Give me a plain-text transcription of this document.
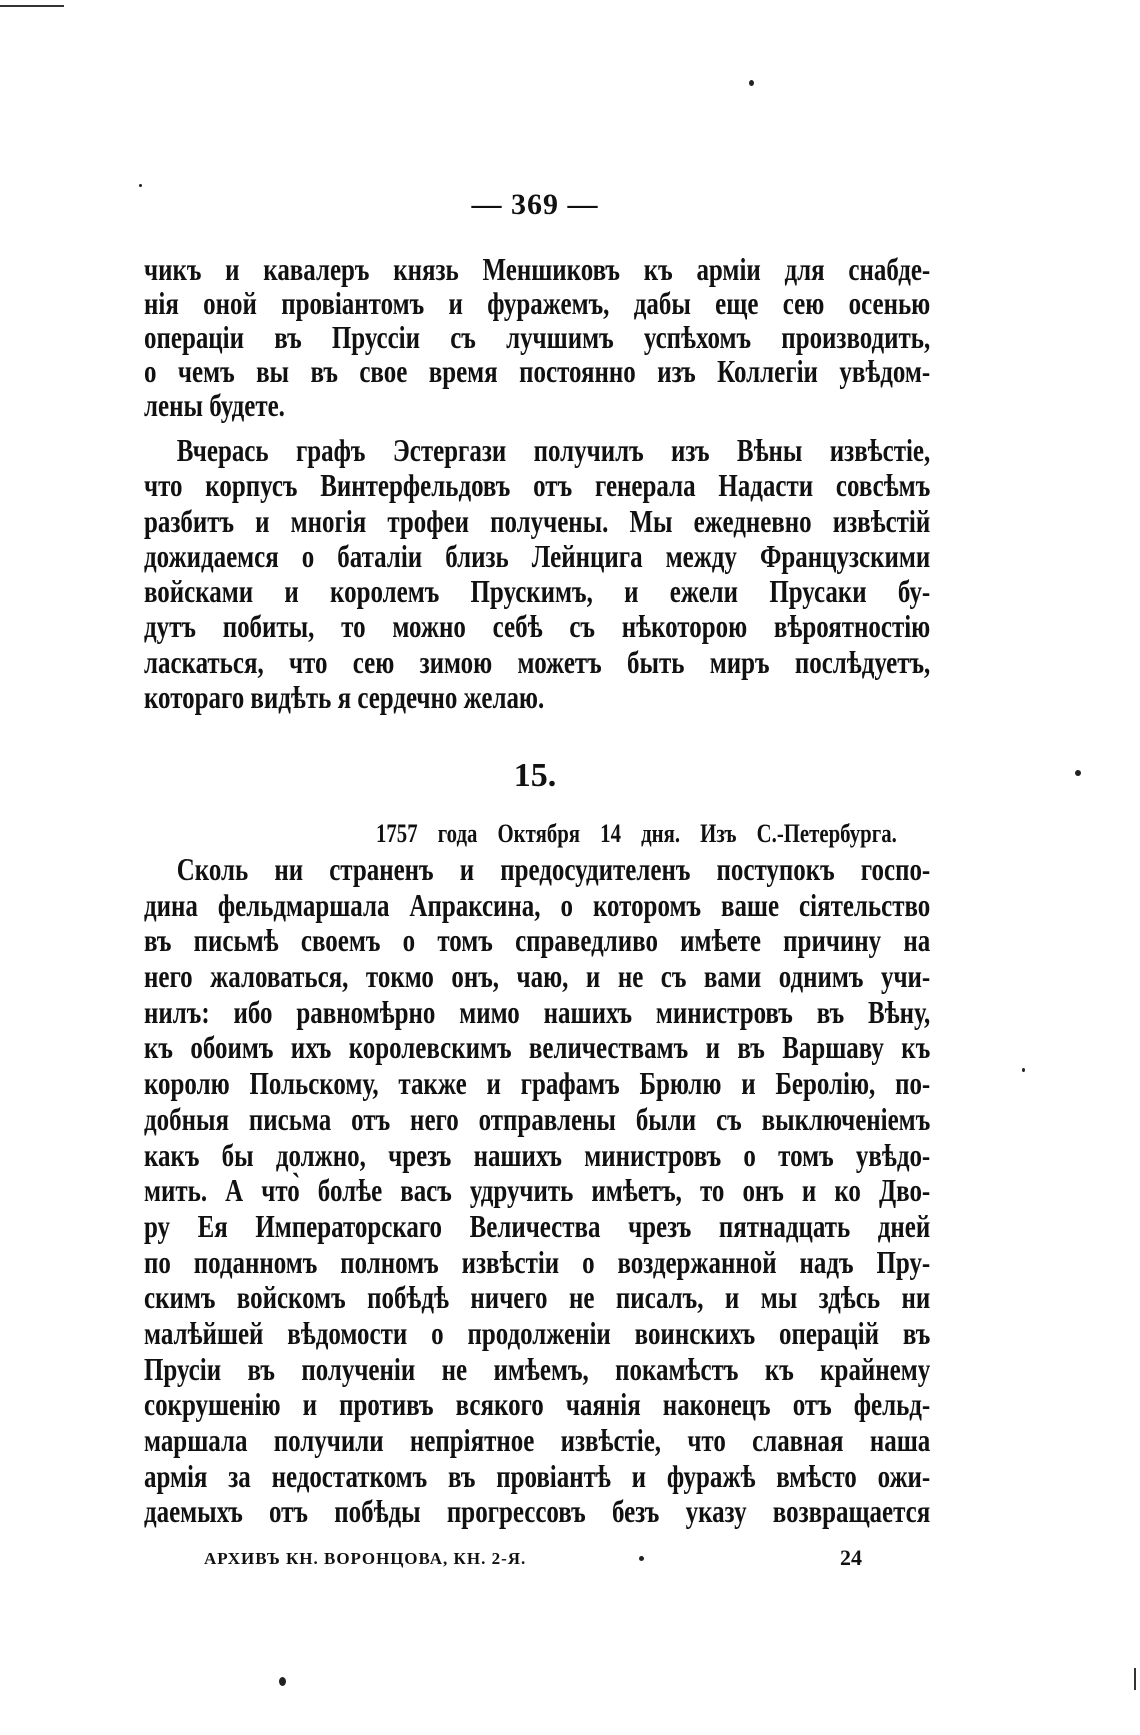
— 369 —
чикъ и кавалеръ князь Меншиковъ къ арміи для снабде-
нія оной провіантомъ и фуражемъ, дабы еще сею осенью
операціи въ Пруссіи съ лучшимъ успѣхомъ производить,
о чемъ вы въ свое время постоянно изъ Коллегіи увѣдом-
лены будете.
Вчерась графъ Эстергази получилъ изъ Вѣны извѣстіе,
что корпусъ Винтерфельдовъ отъ генерала Надасти совсѣмъ
разбитъ и многія трофеи получены. Мы ежедневно извѣстій
дожидаемся о баталіи близь Лейнцига между Французскими
войсками и королемъ Прускимъ, и ежели Прусаки бу-
дутъ побиты, то можно себѣ съ нѣкоторою вѣроятностію
ласкаться, что сею зимою можетъ быть миръ послѣдуетъ,
котораго видѣть я сердечно желаю.
15.
1757 года Октября 14 дня. Изъ С.-Петербурга.
Сколь ни страненъ и предосудителенъ поступокъ госпо-
дина фельдмаршала Апраксина, о которомъ ваше сіятельство
въ письмѣ своемъ о томъ справедливо имѣете причину на
него жаловаться, токмо онъ, чаю, и не съ вами однимъ учи-
нилъ: ибо равномѣрно мимо нашихъ министровъ въ Вѣну,
къ обоимъ ихъ королевскимъ величествамъ и въ Варшаву къ
королю Польскому, также и графамъ Брюлю и Беролію, по-
добныя письма отъ него отправлены были съ выключеніемъ
какъ бы должно, чрезъ нашихъ министровъ о томъ увѣдо-
мить. А что̀ болѣе васъ удручить имѣетъ, то онъ и ко Дво-
ру Ея Императорскаго Величества чрезъ пятнадцать дней
по поданномъ полномъ извѣстіи о воздержанной надъ Пру-
скимъ войскомъ побѣдѣ ничего не писалъ, и мы здѣсь ни
малѣйшей вѣдомости о продолженіи воинскихъ операцій въ
Прусіи въ полученіи не имѣемъ, покамѣстъ къ крайнему
сокрушенію и противъ всякого чаянія наконецъ отъ фельд-
маршала получили непріятное извѣстіе, что славная наша
армія за недостаткомъ въ провіантѣ и фуражѣ вмѣсто ожи-
даемыхъ отъ побѣды прогрессовъ безъ указу возвращается
АРХИВЪ КН. ВОРОНЦОВА, КН. 2-Я.	24
